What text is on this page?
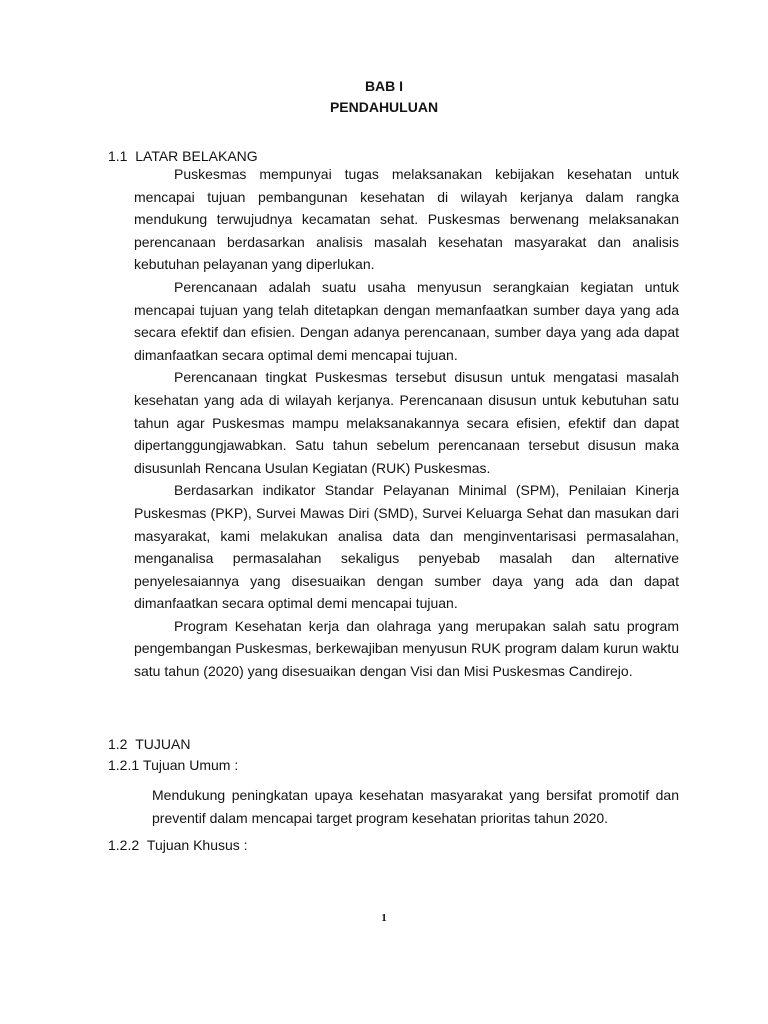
BAB I
PENDAHULUAN
1.1 LATAR BELAKANG

Puskesmas mempunyai tugas melaksanakan kebijakan kesehatan untuk mencapai tujuan pembangunan kesehatan di wilayah kerjanya dalam rangka mendukung terwujudnya kecamatan sehat. Puskesmas berwenang melaksanakan perencanaan berdasarkan analisis masalah kesehatan masyarakat dan analisis kebutuhan pelayanan yang diperlukan.

Perencanaan adalah suatu usaha menyusun serangkaian kegiatan untuk mencapai tujuan yang telah ditetapkan dengan memanfaatkan sumber daya yang ada secara efektif dan efisien. Dengan adanya perencanaan, sumber daya yang ada dapat dimanfaatkan secara optimal demi mencapai tujuan.

Perencanaan tingkat Puskesmas tersebut disusun untuk mengatasi masalah kesehatan yang ada di wilayah kerjanya. Perencanaan disusun untuk kebutuhan satu tahun agar Puskesmas mampu melaksanakannya secara efisien, efektif dan dapat dipertanggungjawabkan. Satu tahun sebelum perencanaan tersebut disusun maka disusunlah Rencana Usulan Kegiatan (RUK) Puskesmas.

Berdasarkan indikator Standar Pelayanan Minimal (SPM), Penilaian Kinerja Puskesmas (PKP), Survei Mawas Diri (SMD), Survei Keluarga Sehat dan masukan dari masyarakat, kami melakukan analisa data dan menginventarisasi permasalahan, menganalisa permasalahan sekaligus penyebab masalah dan alternative penyelesaiannya yang disesuaikan dengan sumber daya yang ada dan dapat dimanfaatkan secara optimal demi mencapai tujuan.

Program Kesehatan kerja dan olahraga yang merupakan salah satu program pengembangan Puskesmas, berkewajiban menyusun RUK program dalam kurun waktu satu tahun (2020) yang disesuaikan dengan Visi dan Misi Puskesmas Candirejo.

1.2 TUJUAN
1.2.1 Tujuan Umum :

Mendukung peningkatan upaya kesehatan masyarakat yang bersifat promotif dan preventif dalam mencapai target program kesehatan prioritas tahun 2020.

1.2.2 Tujuan Khusus :
1
